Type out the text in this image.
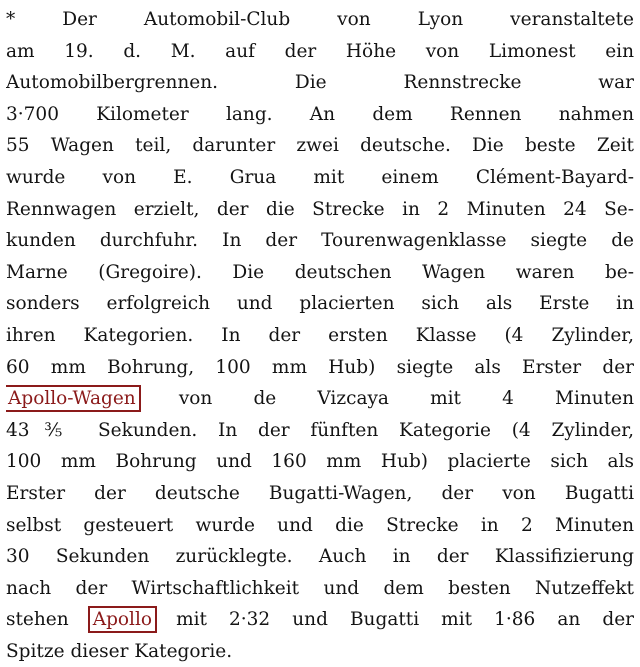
* Der Automobil-Club von Lyon veranstaltete
am 19. d. M. auf der Höhe von Limonest ein
Automobilbergrennen. Die Rennstrecke war
3·700 Kilometer lang. An dem Rennen nahmen
55 Wagen teil, darunter zwei deutsche. Die beste Zeit
wurde von E. Grua mit einem Clément-Bayard-
Rennwagen erzielt, der die Strecke in 2 Minuten 24 Se-
kunden durchfuhr. In der Tourenwagenklasse siegte de
Marne (Gregoire). Die deutschen Wagen waren be-
sonders erfolgreich und placierten sich als Erste in
ihren Kategorien. In der ersten Klasse (4 Zylinder,
60 mm Bohrung, 100 mm Hub) siegte als Erster der
Apollo-Wagen von de Vizcaya mit 4 Minuten
43⅗ Sekunden. In der fünften Kategorie (4 Zylinder,
100 mm Bohrung und 160 mm Hub) placierte sich als
Erster der deutsche Bugatti-Wagen, der von Bugatti
selbst gesteuert wurde und die Strecke in 2 Minuten
30 Sekunden zurücklegte. Auch in der Klassifizierung
nach der Wirtschaftlichkeit und dem besten Nutzeffekt
stehen Apollo mit 2·32 und Bugatti mit 1·86 an der
Spitze dieser Kategorie.
